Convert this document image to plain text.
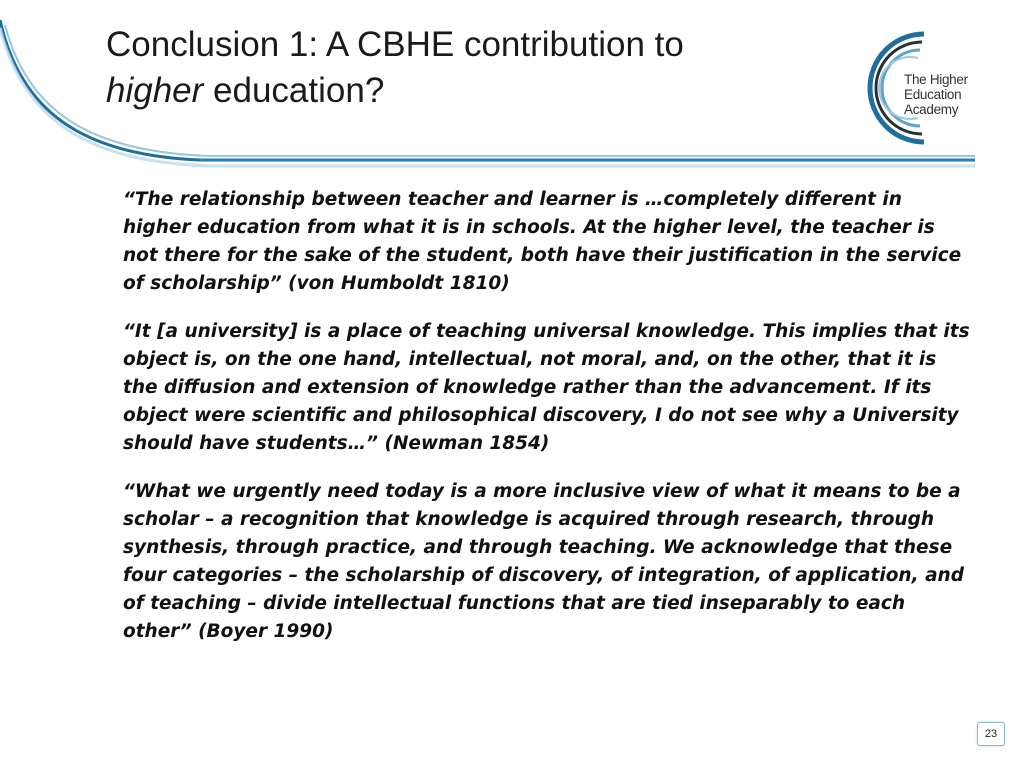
Conclusion 1: A CBHE contribution to
higher education?	The Higher
Education
Academy

“The relationship between teacher and learner is …completely different in higher education from what it is in schools. At the higher level, the teacher is not there for the sake of the student, both have their justification in the service of scholarship” (von Humboldt 1810)

“It [a university] is a place of teaching universal knowledge. This implies that its object is, on the one hand, intellectual, not moral, and, on the other, that it is the diffusion and extension of knowledge rather than the advancement. If its object were scientific and philosophical discovery, I do not see why a University should have students…” (Newman 1854)

“What we urgently need today is a more inclusive view of what it means to be a scholar – a recognition that knowledge is acquired through research, through synthesis, through practice, and through teaching. We acknowledge that these four categories – the scholarship of discovery, of integration, of application, and of teaching – divide intellectual functions that are tied inseparably to each other” (Boyer 1990)

23
